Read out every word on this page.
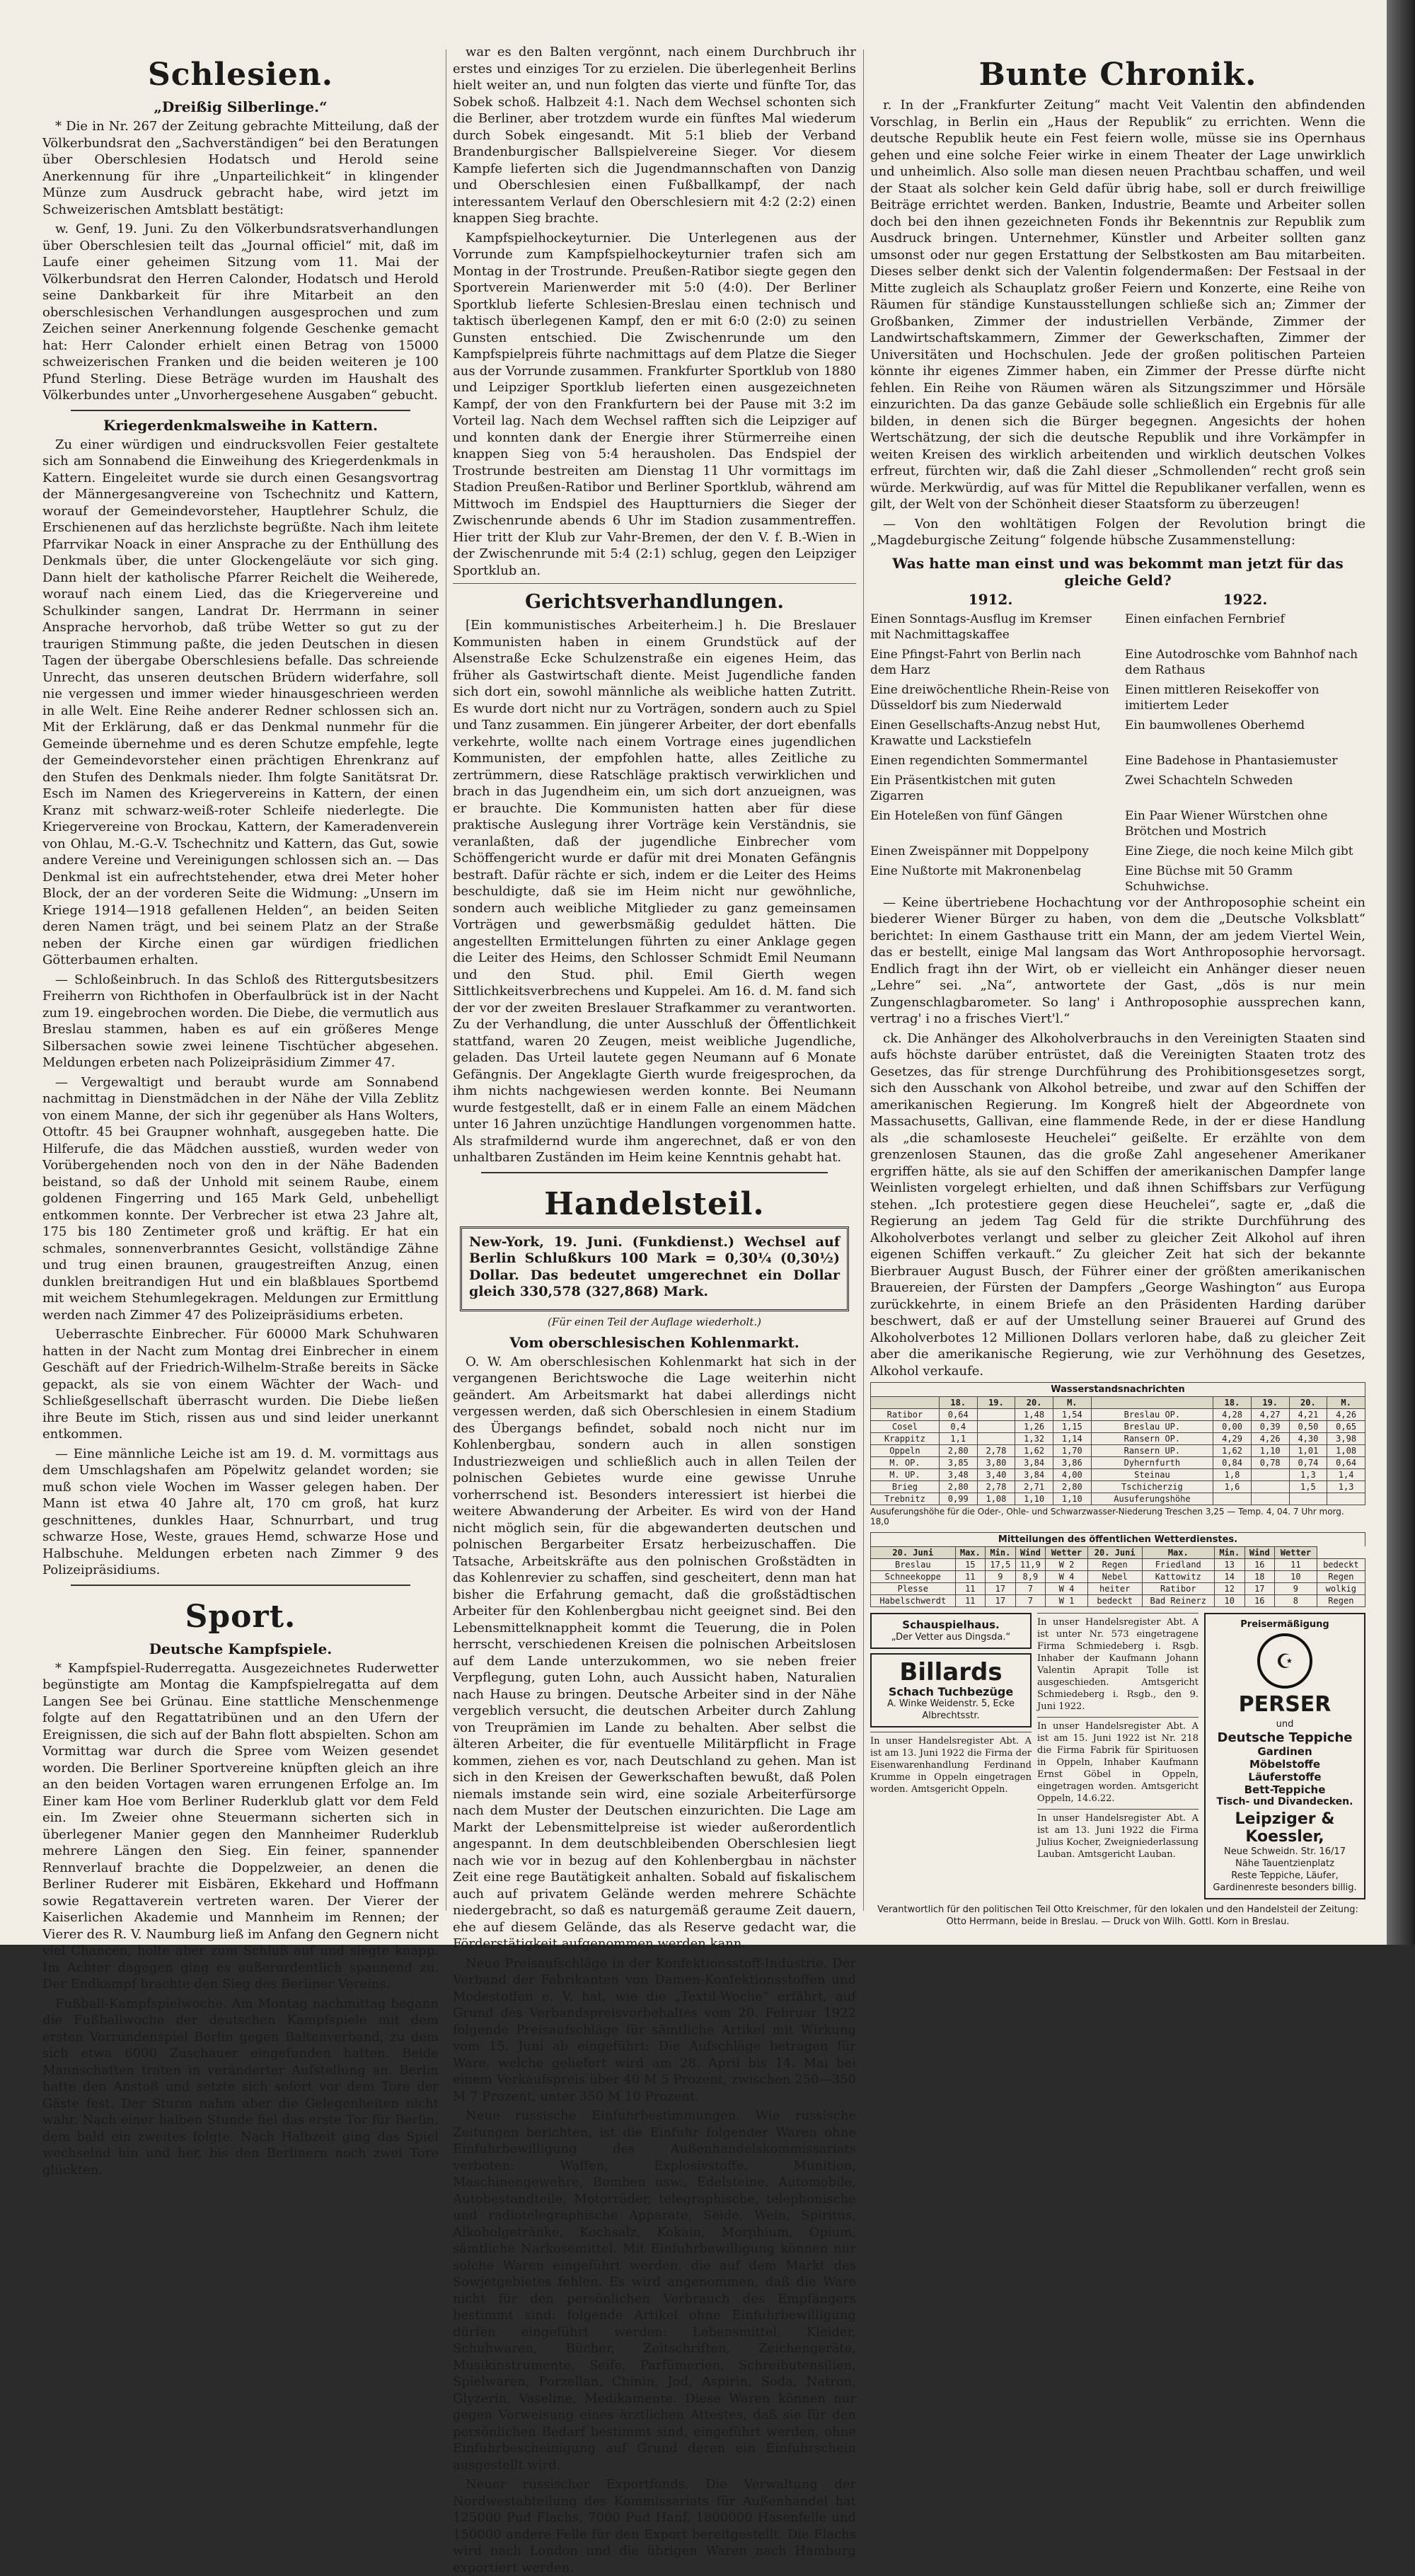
Schlesien.
„Dreißig Silberlinge.“

* Die in Nr. 267 der Zeitung gebrachte Mitteilung, daß der Völkerbundsrat den „Sachverständigen“ bei den Beratungen über Oberschlesien Hodatsch und Herold seine Anerkennung für ihre „Unparteilichkeit“ in klingender Münze zum Ausdruck gebracht habe, wird jetzt im Schweizerischen Amtsblatt bestätigt:

w. Genf, 19. Juni. Zu den Völkerbundsratsverhandlungen über Oberschlesien teilt das „Journal officiel“ mit, daß im Laufe einer geheimen Sitzung vom 11. Mai der Völkerbundsrat den Herren Calonder, Hodatsch und Herold seine Dankbarkeit für ihre Mitarbeit an den oberschlesischen Verhandlungen ausgesprochen und zum Zeichen seiner Anerkennung folgende Geschenke gemacht hat: Herr Calonder erhielt einen Betrag von 15000 schweizerischen Franken und die beiden weiteren je 100 Pfund Sterling. Diese Beträge wurden im Haushalt des Völkerbundes unter „Unvorhergesehene Ausgaben“ gebucht.

Kriegerdenkmalsweihe in Kattern.

Zu einer würdigen und eindrucksvollen Feier gestaltete sich am Sonnabend die Einweihung des Kriegerdenkmals in Kattern. Eingeleitet wurde sie durch einen Gesangsvortrag der Männergesangvereine von Tschechnitz und Kattern, worauf der Gemeindevorsteher, Hauptlehrer Schulz, die Erschienenen auf das herzlichste begrüßte. Nach ihm leitete Pfarrvikar Noack in einer Ansprache zu der Enthüllung des Denkmals über, die unter Glockengeläute vor sich ging. Dann hielt der katholische Pfarrer Reichelt die Weiherede, worauf nach einem Lied, das die Kriegervereine und Schulkinder sangen, Landrat Dr. Herrmann in seiner Ansprache hervorhob, daß trübe Wetter so gut zu der traurigen Stimmung paßte, die jeden Deutschen in diesen Tagen der übergabe Oberschlesiens befalle. Das schreiende Unrecht, das unseren deutschen Brüdern widerfahre, soll nie vergessen und immer wieder hinausgeschrieen werden in alle Welt. Eine Reihe anderer Redner schlossen sich an. Mit der Erklärung, daß er das Denkmal nunmehr für die Gemeinde übernehme und es deren Schutze empfehle, legte der Gemeindevorsteher einen prächtigen Ehrenkranz auf den Stufen des Denkmals nieder. Ihm folgte Sanitätsrat Dr. Esch im Namen des Kriegervereins in Kattern, der einen Kranz mit schwarz-weiß-roter Schleife niederlegte. Die Kriegervereine von Brockau, Kattern, der Kameradenverein von Ohlau, M.-G.-V. Tschechnitz und Kattern, das Gut, sowie andere Vereine und Vereinigungen schlossen sich an. — Das Denkmal ist ein aufrechtstehender, etwa drei Meter hoher Block, der an der vorderen Seite die Widmung: „Unsern im Kriege 1914—1918 gefallenen Helden“, an beiden Seiten deren Namen trägt, und bei seinem Platz an der Straße neben der Kirche einen gar würdigen friedlichen Götterbaumen erhalten.

— Schloßeinbruch. In das Schloß des Rittergutsbesitzers Freiherrn von Richthofen in Oberfaulbrück ist in der Nacht zum 19. eingebrochen worden. Die Diebe, die vermutlich aus Breslau stammen, haben es auf ein größeres Menge Silbersachen sowie zwei leinene Tischtücher abgesehen. Meldungen erbeten nach Polizeipräsidium Zimmer 47.

— Vergewaltigt und beraubt wurde am Sonnabend nachmittag in Dienstmädchen in der Nähe der Villa Zeblitz von einem Manne, der sich ihr gegenüber als Hans Wolters, Ottoftr. 45 bei Graupner wohnhaft, ausgegeben hatte. Die Hilferufe, die das Mädchen ausstieß, wurden weder von Vorübergehenden noch von den in der Nähe Badenden beistand, so daß der Unhold mit seinem Raube, einem goldenen Fingerring und 165 Mark Geld, unbehelligt entkommen konnte. Der Verbrecher ist etwa 23 Jahre alt, 175 bis 180 Zentimeter groß und kräftig. Er hat ein schmales, sonnenverbranntes Gesicht, vollständige Zähne und trug einen braunen, graugestreiften Anzug, einen dunklen breitrandigen Hut und ein blaßblaues Sportbemd mit weichem Stehumlegekragen. Meldungen zur Ermittlung werden nach Zimmer 47 des Polizeipräsidiums erbeten.

Ueberraschte Einbrecher. Für 60000 Mark Schuhwaren hatten in der Nacht zum Montag drei Einbrecher in einem Geschäft auf der Friedrich-Wilhelm-Straße bereits in Säcke gepackt, als sie von einem Wächter der Wach- und Schließgesellschaft überrascht wurden. Die Diebe ließen ihre Beute im Stich, rissen aus und sind leider unerkannt entkommen.

— Eine männliche Leiche ist am 19. d. M. vormittags aus dem Umschlagshafen am Pöpelwitz gelandet worden; sie muß schon viele Wochen im Wasser gelegen haben. Der Mann ist etwa 40 Jahre alt, 170 cm groß, hat kurz geschnittenes, dunkles Haar, Schnurrbart, und trug schwarze Hose, Weste, graues Hemd, schwarze Hose und Halbschuhe. Meldungen erbeten nach Zimmer 9 des Polizeipräsidiums.

Sport.
Deutsche Kampfspiele.

* Kampfspiel-Ruderregatta. Ausgezeichnetes Ruderwetter begünstigte am Montag die Kampfspielregatta auf dem Langen See bei Grünau. Eine stattliche Menschenmenge folgte auf den Regattatribünen und an den Ufern der Ereignissen, die sich auf der Bahn flott abspielten. Schon am Vormittag war durch die Spree vom Weizen gesendet worden. Die Berliner Sportvereine knüpften gleich an ihre an den beiden Vortagen waren errungenen Erfolge an. Im Einer kam Hoe vom Berliner Ruderklub glatt vor dem Feld ein. Im Zweier ohne Steuermann sicherten sich in überlegener Manier gegen den Mannheimer Ruderklub mehrere Längen den Sieg. Ein feiner, spannender Rennverlauf brachte die Doppelzweier, an denen die Berliner Ruderer mit Eisbären, Ekkehard und Hoffmann sowie Regattaverein vertreten waren. Der Vierer der Kaiserlichen Akademie und Mannheim im Rennen; der Vierer des R. V. Naumburg ließ im Anfang den Gegnern nicht viel Chancen, holte aber zum Schluß auf und siegte knapp. Im Achter dagegen ging es außerordentlich spannend zu. Der Endkampf brachte den Sieg des Berliner Vereins.

Fußball-Kampfspielwoche. Am Montag nachmittag begann die Fußballwoche der deutschen Kampfspiele mit dem ersten Vorrundenspiel Berlin gegen Baltenverband, zu dem sich etwa 6000 Zuschauer eingefunden hatten. Beide Mannschaften traten in veränderter Aufstellung an. Berlin hatte den Anstoß und setzte sich sofort vor dem Tore der Gäste fest. Der Sturm nahm aber die Gelegenheiten nicht wahr. Nach einer halben Stunde fiel das erste Tor für Berlin, dem bald ein zweites folgte. Nach Halbzeit ging das Spiel wechselnd hin und her, bis den Berlinern noch zwei Tore glückten.

war es den Balten vergönnt, nach einem Durchbruch ihr erstes und einziges Tor zu erzielen. Die überlegenheit Berlins hielt weiter an, und nun folgten das vierte und fünfte Tor, das Sobek schoß. Halbzeit 4:1. Nach dem Wechsel schonten sich die Berliner, aber trotzdem wurde ein fünftes Mal wiederum durch Sobek eingesandt. Mit 5:1 blieb der Verband Brandenburgischer Ballspielvereine Sieger. Vor diesem Kampfe lieferten sich die Jugendmannschaften von Danzig und Oberschlesien einen Fußballkampf, der nach interessantem Verlauf den Oberschlesiern mit 4:2 (2:2) einen knappen Sieg brachte.

Kampfspielhockeyturnier. Die Unterlegenen aus der Vorrunde zum Kampfspielhockeyturnier trafen sich am Montag in der Trostrunde. Preußen-Ratibor siegte gegen den Sportverein Marienwerder mit 5:0 (4:0). Der Berliner Sportklub lieferte Schlesien-Breslau einen technisch und taktisch überlegenen Kampf, den er mit 6:0 (2:0) zu seinen Gunsten entschied. Die Zwischenrunde um den Kampfspielpreis führte nachmittags auf dem Platze die Sieger aus der Vorrunde zusammen. Frankfurter Sportklub von 1880 und Leipziger Sportklub lieferten einen ausgezeichneten Kampf, der von den Frankfurtern bei der Pause mit 3:2 im Vorteil lag. Nach dem Wechsel rafften sich die Leipziger auf und konnten dank der Energie ihrer Stürmerreihe einen knappen Sieg von 5:4 herausholen. Das Endspiel der Trostrunde bestreiten am Dienstag 11 Uhr vormittags im Stadion Preußen-Ratibor und Berliner Sportklub, während am Mittwoch im Endspiel des Hauptturniers die Sieger der Zwischenrunde abends 6 Uhr im Stadion zusammentreffen. Hier tritt der Klub zur Vahr-Bremen, der den V. f. B.-Wien in der Zwischenrunde mit 5:4 (2:1) schlug, gegen den Leipziger Sportklub an.

Gerichtsverhandlungen.

[Ein kommunistisches Arbeiterheim.] h. Die Breslauer Kommunisten haben in einem Grundstück auf der Alsenstraße Ecke Schulzenstraße ein eigenes Heim, das früher als Gastwirtschaft diente. Meist Jugendliche fanden sich dort ein, sowohl männliche als weibliche hatten Zutritt. Es wurde dort nicht nur zu Vorträgen, sondern auch zu Spiel und Tanz zusammen. Ein jüngerer Arbeiter, der dort ebenfalls verkehrte, wollte nach einem Vortrage eines jugendlichen Kommunisten, der empfohlen hatte, alles Zeitliche zu zertrümmern, diese Ratschläge praktisch verwirklichen und brach in das Jugendheim ein, um sich dort anzueignen, was er brauchte. Die Kommunisten hatten aber für diese praktische Auslegung ihrer Vorträge kein Verständnis, sie veranlaßten, daß der jugendliche Einbrecher vom Schöffengericht wurde er dafür mit drei Monaten Gefängnis bestraft. Dafür rächte er sich, indem er die Leiter des Heims beschuldigte, daß sie im Heim nicht nur gewöhnliche, sondern auch weibliche Mitglieder zu ganz gemeinsamen Vorträgen und gewerbsmäßig geduldet hätten. Die angestellten Ermittelungen führten zu einer Anklage gegen die Leiter des Heims, den Schlosser Schmidt Emil Neumann und den Stud. phil. Emil Gierth wegen Sittlichkeitsverbrechens und Kuppelei. Am 16. d. M. fand sich der vor der zweiten Breslauer Strafkammer zu verantworten. Zu der Verhandlung, die unter Ausschluß der Öffentlichkeit stattfand, waren 20 Zeugen, meist weibliche Jugendliche, geladen. Das Urteil lautete gegen Neumann auf 6 Monate Gefängnis. Der Angeklagte Gierth wurde freigesprochen, da ihm nichts nachgewiesen werden konnte. Bei Neumann wurde festgestellt, daß er in einem Falle an einem Mädchen unter 16 Jahren unzüchtige Handlungen vorgenommen hatte. Als strafmildernd wurde ihm angerechnet, daß er von den unhaltbaren Zuständen im Heim keine Kenntnis gehabt hat.

Handelsteil.

New-York, 19. Juni. (Funkdienst.) Wechsel auf Berlin Schlußkurs 100 Mark = 0,30¼ (0,30½) Dollar. Das bedeutet umgerechnet ein Dollar gleich 330,578 (327,868) Mark.

(Für einen Teil der Auflage wiederholt.)
Vom oberschlesischen Kohlenmarkt.

O. W. Am oberschlesischen Kohlenmarkt hat sich in der vergangenen Berichtswoche die Lage weiterhin nicht geändert. Am Arbeitsmarkt hat dabei allerdings nicht vergessen werden, daß sich Oberschlesien in einem Stadium des Übergangs befindet, sobald noch nicht nur im Kohlenbergbau, sondern auch in allen sonstigen Industriezweigen und schließlich auch in allen Teilen der polnischen Gebietes wurde eine gewisse Unruhe vorherrschend ist. Besonders interessiert ist hierbei die weitere Abwanderung der Arbeiter. Es wird von der Hand nicht möglich sein, für die abgewanderten deutschen und polnischen Bergarbeiter Ersatz herbeizuschaffen. Die Tatsache, Arbeitskräfte aus den polnischen Großstädten in das Kohlenrevier zu schaffen, sind gescheitert, denn man hat bisher die Erfahrung gemacht, daß die großstädtischen Arbeiter für den Kohlenbergbau nicht geeignet sind. Bei den Lebensmittelknappheit kommt die Teuerung, die in Polen herrscht, verschiedenen Kreisen die polnischen Arbeitslosen auf dem Lande unterzukommen, wo sie neben freier Verpflegung, guten Lohn, auch Aussicht haben, Naturalien nach Hause zu bringen. Deutsche Arbeiter sind in der Nähe vergeblich versucht, die deutschen Arbeiter durch Zahlung von Treuprämien im Lande zu behalten. Aber selbst die älteren Arbeiter, die für eventuelle Militärpflicht in Frage kommen, ziehen es vor, nach Deutschland zu gehen. Man ist sich in den Kreisen der Gewerkschaften bewußt, daß Polen niemals imstande sein wird, eine soziale Arbeiterfürsorge nach dem Muster der Deutschen einzurichten. Die Lage am Markt der Lebensmittelpreise ist wieder außerordentlich angespannt. In dem deutschbleibenden Oberschlesien liegt nach wie vor in bezug auf den Kohlenbergbau in nächster Zeit eine rege Bautätigkeit anhalten. Sobald auf fiskalischem auch auf privatem Gelände werden mehrere Schächte niedergebracht, so daß es naturgemäß geraume Zeit dauern, ehe auf diesem Gelände, das als Reserve gedacht war, die Förderstätigkeit aufgenommen werden kann.

Neue Preisaufschläge in der Konfektionsstoff-Industrie. Der Verband der Fabrikanten von Damen-Konfektionsstoffen und Modestoffen e. V. hat, wie die „Textil-Woche“ erfährt, auf Grund des Verbandspreisvorbehaltes vom 20. Februar 1922 folgende Preisaufschläge für sämtliche Artikel mit Wirkung vom 15. Juni ab eingeführt: Die Aufschläge betragen für Ware, welche geliefert wird am 28. April bis 14. Mai bei einem Verkaufspreis über 40 M 5 Prozent, zwischen 250—350 M 7 Prozent, unter 350 M 10 Prozent.

Neue russische Einfuhrbestimmungen. Wie russische Zeitungen berichten, ist die Einfuhr folgender Waren ohne Einfuhrbewilligung des Außenhandelskommissariats verboten: Waffen, Explosivstoffe, Munition, Maschinengewehre, Bomben usw., Edelsteine, Automobile, Autobestandteile, Motorräder, telegraphische, telephonische und radiotelegraphische Apparate, Seide, Wein, Spiritus, Alkoholgetränke, Kochsalz, Kokain, Morphium, Opium, sämtliche Narkosemittel. Mit Einfuhrbewilligung können nur solche Waren eingeführt werden, die auf dem Markt des Sowjetgebietes fehlen. Es wird angenommen, daß die Ware nicht für den persönlichen Verbrauch des Empfängers bestimmt sind: folgende Artikel ohne Einfuhrbewilligung dürfen eingeführt werden: Lebensmittel, Kleider, Schuhwaren, Bücher, Zeitschriften, Zeichengeräte, Musikinstrumente, Seife, Parfümerien, Schreibutensilien, Spielwaren, Porzellan, Chinin, Jod, Aspirin, Soda, Natron, Glyzerin, Vaseline, Medikamente. Diese Waren können nur gegen Vorweisung eines ärztlichen Attestes, daß sie für den persönlichen Bedarf bestimmt sind, eingeführt werden, ohne Einfuhrbescheinigung auf Grund deren ein Einfuhrschein ausgestellt wird.

Neuer russischer Exportfonds. Die Verwaltung der Nordwestabteilung des Kommissariats für Außenhandel hat 125000 Pud Flachs, 7000 Pud Hanf, 1800000 Hasenfelle und 150000 andere Felle für den Export bereitgestellt. Die Flachs wird nach London und die übrigen Waren nach Hamburg exportiert werden.

Bunte Chronik.

r. In der „Frankfurter Zeitung“ macht Veit Valentin den abfindenden Vorschlag, in Berlin ein „Haus der Republik“ zu errichten. Wenn die deutsche Republik heute ein Fest feiern wolle, müsse sie ins Opernhaus gehen und eine solche Feier wirke in einem Theater der Lage unwirklich und unheimlich. Also solle man diesen neuen Prachtbau schaffen, und weil der Staat als solcher kein Geld dafür übrig habe, soll er durch freiwillige Beiträge errichtet werden. Banken, Industrie, Beamte und Arbeiter sollen doch bei den ihnen gezeichneten Fonds ihr Bekenntnis zur Republik zum Ausdruck bringen. Unternehmer, Künstler und Arbeiter sollten ganz umsonst oder nur gegen Erstattung der Selbstkosten am Bau mitarbeiten. Dieses selber denkt sich der Valentin folgendermaßen: Der Festsaal in der Mitte zugleich als Schauplatz großer Feiern und Konzerte, eine Reihe von Räumen für ständige Kunstausstellungen schließe sich an; Zimmer der Großbanken, Zimmer der industriellen Verbände, Zimmer der Landwirtschaftskammern, Zimmer der Gewerkschaften, Zimmer der Universitäten und Hochschulen. Jede der großen politischen Parteien könnte ihr eigenes Zimmer haben, ein Zimmer der Presse dürfte nicht fehlen. Ein Reihe von Räumen wären als Sitzungszimmer und Hörsäle einzurichten. Da das ganze Gebäude solle schließlich ein Ergebnis für alle bilden, in denen sich die Bürger begegnen. Angesichts der hohen Wertschätzung, der sich die deutsche Republik und ihre Vorkämpfer in weiten Kreisen des wirklich arbeitenden und wirklich deutschen Volkes erfreut, fürchten wir, daß die Zahl dieser „Schmollenden“ recht groß sein würde. Merkwürdig, auf was für Mittel die Republikaner verfallen, wenn es gilt, der Welt von der Schönheit dieser Staatsform zu überzeugen!

— Von den wohltätigen Folgen der Revolution bringt die „Magdeburgische Zeitung“ folgende hübsche Zusammenstellung:

Was hatte man einst und was bekommt man jetzt für das gleiche Geld?
1912.	1922.
Einen Sonntags-Ausflug im Kremser mit Nachmittagskaffee
Einen einfachen Fernbrief
Eine Pfingst-Fahrt von Berlin nach dem Harz
Eine Autodroschke vom Bahnhof nach dem Rathaus
Eine dreiwöchentliche Rhein-Reise von Düsseldorf bis zum Niederwald
Einen mittleren Reisekoffer von imitiertem Leder
Einen Gesellschafts-Anzug nebst Hut, Krawatte und Lackstiefeln
Ein baumwollenes Oberhemd
Einen regendichten Sommermantel	Eine Badehose in Phantasiemuster
Ein Präsentkistchen mit guten Zigarren
Zwei Schachteln Schweden
Ein Hoteleßen von fünf Gängen	Ein Paar Wiener Würstchen ohne Brötchen und Mostrich
Einen Zweispänner mit Doppelpony	Eine Ziege, die noch keine Milch gibt
Eine Nußtorte mit Makronenbelag	Eine Büchse mit 50 Gramm Schuhwichse.

— Keine übertriebene Hochachtung vor der Anthroposophie scheint ein biederer Wiener Bürger zu haben, von dem die „Deutsche Volksblatt“ berichtet: In einem Gasthause tritt ein Mann, der am jedem Viertel Wein, das er bestellt, einige Mal langsam das Wort Anthroposophie hervorsagt. Endlich fragt ihn der Wirt, ob er vielleicht ein Anhänger dieser neuen „Lehre“ sei. „Na“, antwortete der Gast, „dös is nur mein Zungenschlagbarometer. So lang' i Anthroposophie aussprechen kann, vertrag' i no a frisches Viert'l.“

ck. Die Anhänger des Alkoholverbrauchs in den Vereinigten Staaten sind aufs höchste darüber entrüstet, daß die Vereinigten Staaten trotz des Gesetzes, das für strenge Durchführung des Prohibitionsgesetzes sorgt, sich den Ausschank von Alkohol betreibe, und zwar auf den Schiffen der amerikanischen Regierung. Im Kongreß hielt der Abgeordnete von Massachusetts, Gallivan, eine flammende Rede, in der er diese Handlung als „die schamloseste Heuchelei“ geißelte. Er erzählte von dem grenzenlosen Staunen, das die große Zahl angesehener Amerikaner ergriffen hätte, als sie auf den Schiffen der amerikanischen Dampfer lange Weinlisten vorgelegt erhielten, und daß ihnen Schiffsbars zur Verfügung stehen. „Ich protestiere gegen diese Heuchelei“, sagte er, „daß die Regierung an jedem Tag Geld für die strikte Durchführung des Alkoholverbotes verlangt und selber zu gleicher Zeit Alkohol auf ihren eigenen Schiffen verkauft.“ Zu gleicher Zeit hat sich der bekannte Bierbrauer August Busch, der Führer einer der größten amerikanischen Brauereien, der Fürsten der Dampfers „George Washington“ aus Europa zurückkehrte, in einem Briefe an den Präsidenten Harding darüber beschwert, daß er auf der Umstellung seiner Brauerei auf Grund des Alkoholverbotes 12 Millionen Dollars verloren habe, daß zu gleicher Zeit aber die amerikanische Regierung, wie zur Verhöhnung des Gesetzes, Alkohol verkaufe.

Wasserstandsnachrichten
	18.	19.	20.	M.		18.	19.	20.	M.
Ratibor	0,64		1,48	1,54	Breslau OP.	4,28	4,27	4,21	4,26
Cosel	0,4		1,26	1,15	Breslau UP.	0,00	0,39	0,50	0,65
Krappitz	1,1		1,32	1,14	Ransern OP.	4,29	4,26	4,30	3,98
Oppeln	2,80	2,78	1,62	1,70	Ransern UP.	1,62	1,10	1,01	1,08
M. OP.	3,85	3,80	3,84	3,86	Dyhernfurth	0,84	0,78	0,74	0,64
M. UP.	3,48	3,40	3,84	4,00	Steinau	1,8		1,3	1,4
Brieg	2,80	2,78	2,71	2,80	Tschicherzig	1,6		1,5	1,3
Trebnitz	0,99	1,08	1,10	1,10	Ausuferungshöhe				
Ausuferungshöhe für die Oder-, Ohle- und Schwarzwasser-Niederung Treschen 3,25 — Temp. 4, 04. 7 Uhr morg. 18,0
Mitteilungen des öffentlichen Wetterdienstes.
20. Juni	Max.	Min.	Wind	Wetter	20. Juni	Max.	Min.	Wind	Wetter	
Breslau	15	17,5	11,9	W 2	Regen	Friedland	13	16	11	bedeckt
Schneekoppe	11	9	8,9	W 4	Nebel	Kattowitz	14	18	10	Regen
Plesse	11	17	7	W 4	heiter	Ratibor	12	17	9	wolkig
Habelschwerdt	11	17	7	W 1	bedeckt	Bad Reinerz	10	16	8	Regen
Schauspielhaus.
„Der Vetter aus Dingsda.“
Billards
Schach Tuchbezüge
A. Winke Weidenstr. 5, Ecke Albrechtsstr.
In unser Handelsregister Abt. A ist am 13. Juni 1922 die Firma der Eisenwarenhandlung Ferdinand Krumme in Oppeln eingetragen worden. Amtsgericht Oppeln.
In unser Handelsregister Abt. A ist unter Nr. 573 eingetragene Firma Schmiedeberg i. Rsgb. Inhaber der Kaufmann Johann Valentin Aprapit Tolle ist ausgeschieden. Amtsgericht Schmiedeberg i. Rsgb., den 9. Juni 1922.
In unser Handelsregister Abt. A ist am 15. Juni 1922 ist Nr. 218 die Firma Fabrik für Spirituosen in Oppeln, Inhaber Kaufmann Ernst Göbel in Oppeln, eingetragen worden. Amtsgericht Oppeln, 14.6.22.
In unser Handelsregister Abt. A ist am 13. Juni 1922 die Firma Julius Kocher, Zweigniederlassung Lauban. Amtsgericht Lauban.
Preisermäßigung
☪
PERSER
und
Deutsche Teppiche
Gardinen
Möbelstoffe
Läuferstoffe
Bett-Teppiche
Tisch- und Divandecken.
Leipziger & Koessler,
Neue Schweidn. Str. 16/17
Nähe Tauentzienplatz
Reste Teppiche, Läufer, Gardinenreste besonders billig.
Verantwortlich für den politischen Teil Otto Kreischmer, für den lokalen und den Handelsteil der Zeitung: Otto Herrmann, beide in Breslau. — Druck von Wilh. Gottl. Korn in Breslau.
